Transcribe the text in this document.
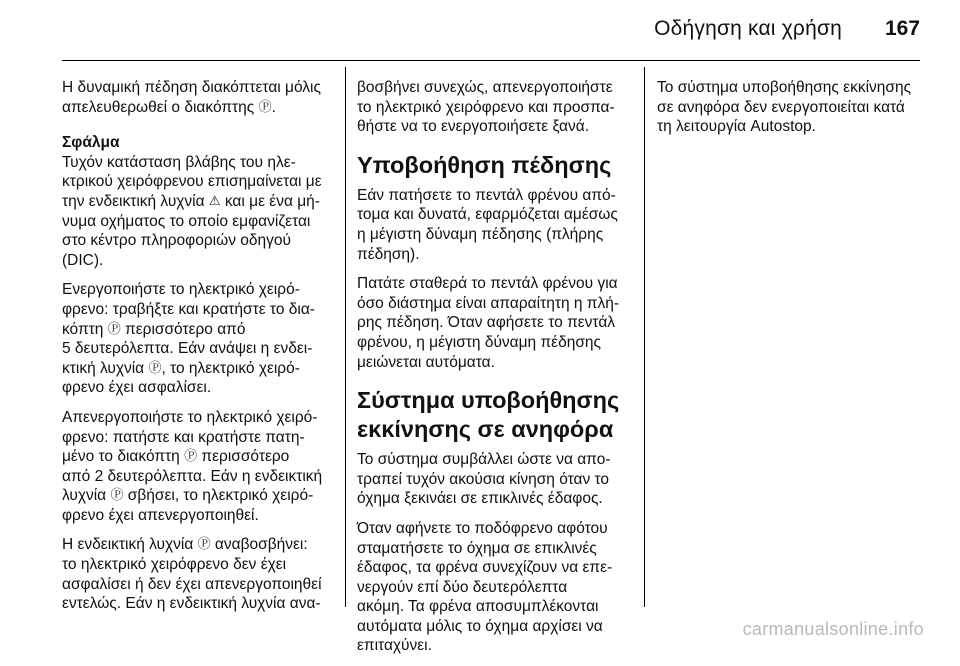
Οδήγηση και χρήση 167
Η δυναμική πέδηση διακόπτεται μόλις
απελευθερωθεί ο διακόπτης Ⓟ.
Σφάλμα
Τυχόν κατάσταση βλάβης του ηλε-
κτρικού χειρόφρενου επισημαίνεται με
την ενδεικτική λυχνία ⚠ και με ένα μή-
νυμα οχήματος το οποίο εμφανίζεται
στο κέντρο πληροφοριών οδηγού
(DIC).
Ενεργοποιήστε το ηλεκτρικό χειρό-
φρενο: τραβήξτε και κρατήστε το δια-
κόπτη Ⓟ περισσότερο από
5 δευτερόλεπτα. Εάν ανάψει η ενδει-
κτική λυχνία Ⓟ, το ηλεκτρικό χειρό-
φρενο έχει ασφαλίσει.
Απενεργοποιήστε το ηλεκτρικό χειρό-
φρενο: πατήστε και κρατήστε πατη-
μένο το διακόπτη Ⓟ περισσότερο
από 2 δευτερόλεπτα. Εάν η ενδεικτική
λυχνία Ⓟ σβήσει, το ηλεκτρικό χειρό-
φρενο έχει απενεργοποιηθεί.
Η ενδεικτική λυχνία Ⓟ αναβοσβήνει:
το ηλεκτρικό χειρόφρενο δεν έχει
ασφαλίσει ή δεν έχει απενεργοποιηθεί
εντελώς. Εάν η ενδεικτική λυχνία ανα-
βοσβήνει συνεχώς, απενεργοποιήστε
το ηλεκτρικό χειρόφρενο και προσπα-
θήστε να το ενεργοποιήσετε ξανά.
Υποβοήθηση πέδησης
Εάν πατήσετε το πεντάλ φρένου από-
τομα και δυνατά, εφαρμόζεται αμέσως
η μέγιστη δύναμη πέδησης (πλήρης
πέδηση).
Πατάτε σταθερά το πεντάλ φρένου για
όσο διάστημα είναι απαραίτητη η πλή-
ρης πέδηση. Όταν αφήσετε το πεντάλ
φρένου, η μέγιστη δύναμη πέδησης
μειώνεται αυτόματα.
Σύστημα υποβοήθησης
εκκίνησης σε ανηφόρα
Το σύστημα συμβάλλει ώστε να απο-
τραπεί τυχόν ακούσια κίνηση όταν το
όχημα ξεκινάει σε επικλινές έδαφος.
Όταν αφήνετε το ποδόφρενο αφότου
σταματήσετε το όχημα σε επικλινές
έδαφος, τα φρένα συνεχίζουν να επε-
νεργούν επί δύο δευτερόλεπτα
ακόμη. Τα φρένα αποσυμπλέκονται
αυτόματα μόλις το όχημα αρχίσει να
επιταχύνει.
Το σύστημα υποβοήθησης εκκίνησης
σε ανηφόρα δεν ενεργοποιείται κατά
τη λειτουργία Autostop.
carmanualsonline.info
